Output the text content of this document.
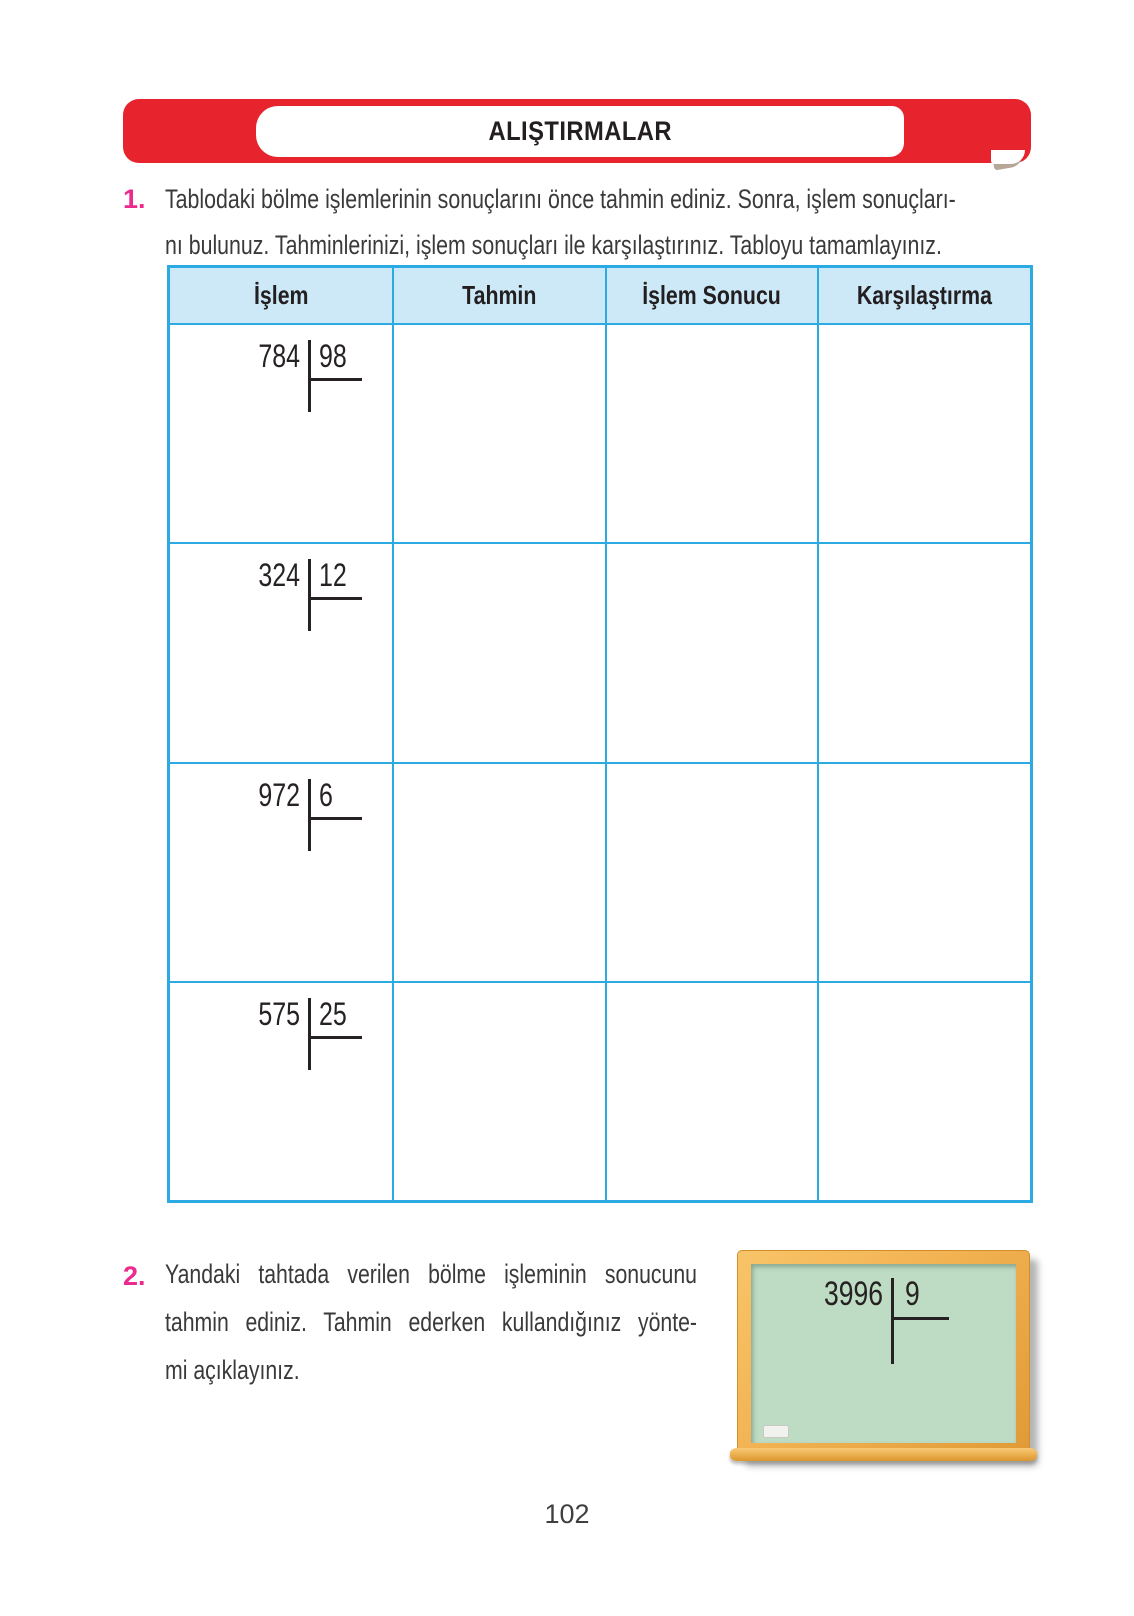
ALIŞTIRMALAR
1. Tablodaki bölme işlemlerinin sonuçlarını önce tahmin ediniz. Sonra, işlem sonuçları-
nı bulunuz. Tahminlerinizi, işlem sonuçları ile karşılaştırınız. Tabloyu tamamlayınız.
İşlem	Tahmin	İşlem Sonucu	Karşılaştırma
784 98
324 12
972 6
575 25
2. Yandaki tahtada verilen bölme işleminin sonucunu
tahmin ediniz. Tahmin ederken kullandığınız yönte-
mi açıklayınız.
3996 9
102
